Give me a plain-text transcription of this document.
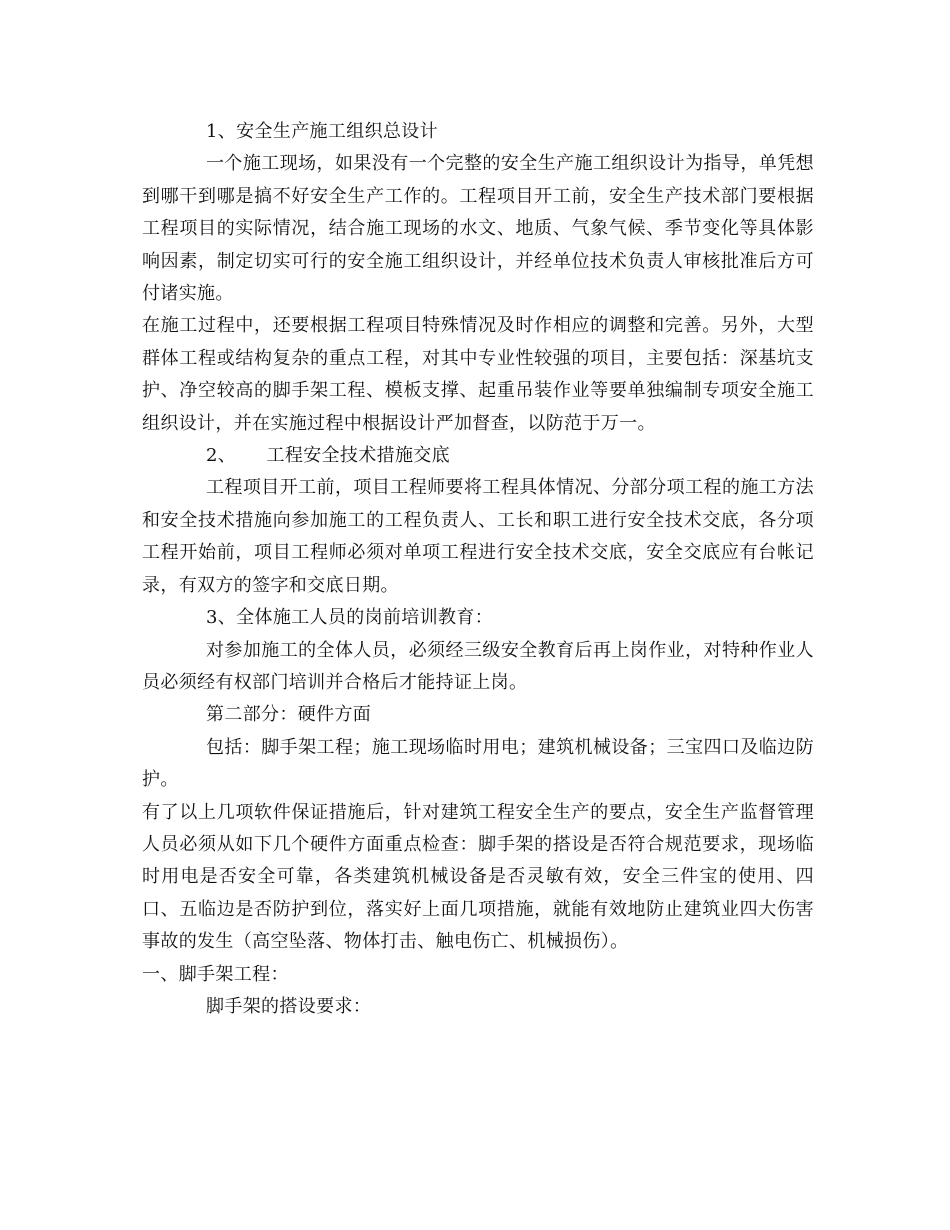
1、安全生产施工组织总设计

一个施工现场，如果没有一个完整的安全生产施工组织设计为指导，单凭想到哪干到哪是搞不好安全生产工作的。工程项目开工前，安全生产技术部门要根据工程项目的实际情况，结合施工现场的水文、地质、气象气候、季节变化等具体影响因素，制定切实可行的安全施工组织设计，并经单位技术负责人审核批准后方可付诸实施。

在施工过程中，还要根据工程项目特殊情况及时作相应的调整和完善。另外，大型群体工程或结构复杂的重点工程，对其中专业性较强的项目，主要包括：深基坑支护、净空较高的脚手架工程、模板支撑、起重吊装作业等要单独编制专项安全施工组织设计，并在实施过程中根据设计严加督查，以防范于万一。

2、     工程安全技术措施交底

工程项目开工前，项目工程师要将工程具体情况、分部分项工程的施工方法和安全技术措施向参加施工的工程负责人、工长和职工进行安全技术交底，各分项工程开始前，项目工程师必须对单项工程进行安全技术交底，安全交底应有台帐记录，有双方的签字和交底日期。

3、全体施工人员的岗前培训教育：

对参加施工的全体人员，必须经三级安全教育后再上岗作业，对特种作业人员必须经有权部门培训并合格后才能持证上岗。

第二部分：硬件方面

包括：脚手架工程；施工现场临时用电；建筑机械设备；三宝四口及临边防护。

有了以上几项软件保证措施后，针对建筑工程安全生产的要点，安全生产监督管理人员必须从如下几个硬件方面重点检查：脚手架的搭设是否符合规范要求，现场临时用电是否安全可靠，各类建筑机械设备是否灵敏有效，安全三件宝的使用、四口、五临边是否防护到位，落实好上面几项措施，就能有效地防止建筑业四大伤害事故的发生（高空坠落、物体打击、触电伤亡、机械损伤）。

一、脚手架工程：

脚手架的搭设要求：
